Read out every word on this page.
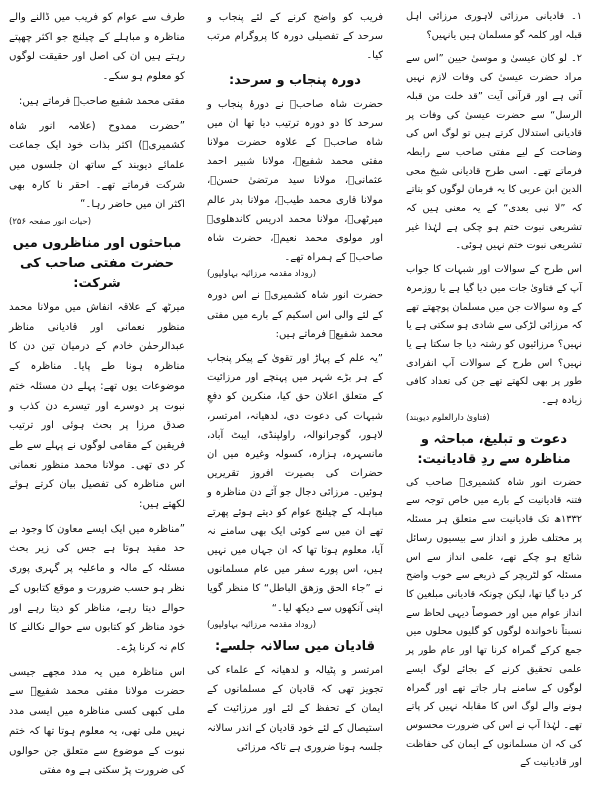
۱۔ قادیانی مرزائی لاہوری مرزائی اہل قبلہ اور کلمہ گو مسلمان ہیں یانہیں؟

۲۔ لو کان عیسیٰ و موسیٰ حیین ”اس سے مراد حضرت عیسیٰ کی وفات لازم نہیں آتی ہے اور قرآنی آیت ”قد خلت من قبلہ الرسل“ سے حضرت عیسیٰ کی وفات پر قادیانی استدلال کرتے ہیں تو لوگ اس کی وضاحت کے لیے مفتی صاحب سے رابطہ فرماتے تھے۔ اسی طرح قادیانی شیخ محی الدین ابن عربی کا یہ فرمان لوگوں کو بتاتے کہ ”لا نبی بعدی“ کے یہ معنی ہیں کہ تشریعی نبوت ختم ہو چکی ہے لہٰذا غیر تشریعی نبوت ختم نہیں ہوئی۔

اس طرح کے سوالات اور شبہات کا جواب آپ کے فتاویٰ جات میں دیا گیا ہے یا روزمرہ کے وہ سوالات جن میں مسلمان پوچھتے تھے کہ مرزائی لڑکی سے شادی ہو سکتی ہے یا نہیں؟ مرزائیوں کو رشتہ دیا جا سکتا ہے یا نہیں؟ اس طرح کے سوالات آپ انفرادی طور پر بھی لکھتے تھے جن کی تعداد کافی زیادہ ہے۔

(فتاویٰ دارالعلوم دیوبند)
دعوت و تبلیغ، مباحثہ و مناظرہ سے ردِ قادیانیت:

حضرت انور شاہ کشمیریؒ صاحب کی فتنہ قادیانیت کے بارے میں خاص توجہ سے ۱۳۳۲ھ تک قادیانیت سے متعلق ہر مسئلہ پر مختلف طرز و انداز سے بیسیوں رسائل شائع ہو چکے تھے، علمی انداز سے اس مسئلہ کو لٹریچر کے ذریعے سے خوب واضح کر دیا گیا تھا، لیکن چونکہ قادیانی مبلغین کا انداز عوام میں اور خصوصاً دیہی لحاظ سے نسبتاً ناخواندہ لوگوں کو گلیوں محلوں میں جمع کرکے گمراہ کرنا تھا اور عام طور پر علمی تحقیق کرنے کے بجائے لوگ ایسے لوگوں کے سامنے ہار جاتے تھے اور گمراہ ہونے والے لوگ اس کا مقابلہ نہیں کر پاتے تھے۔ لہٰذا آپ نے اس کی ضرورت محسوس کی کہ ان مسلمانوں کے ایمان کی حفاظت اور قادیانیت کے

فریب کو واضح کرنے کے لئے پنجاب و سرحد کے تفصیلی دورہ کا پروگرام مرتب کیا۔

دورہ پنجاب و سرحد:

حضرت شاہ صاحبؒ نے دورۂ پنجاب و سرحد کا دو دورہ ترتیب دیا تھا ان میں شاہ صاحبؒ کے علاوہ حضرت مولانا مفتی محمد شفیعؒ، مولانا شبیر احمد عثمانیؒ، مولانا سید مرتضیٰ حسنؒ، مولانا قاری محمد طیبؒ، مولانا بدر عالم میرٹھیؒ، مولانا محمد ادریس کاندھلویؒ اور مولوی محمد نعیمؒ، حضرت شاہ صاحبؒ کے ہمراہ تھے۔

(روداد مقدمہ مرزائیہ بہاولپور)

حضرت انور شاہ کشمیریؒ نے اس دورہ کے لئے والی اس اسکیم کے بارے میں مفتی محمد شفیعؒ فرماتے ہیں:

”یہ علم کے پہاڑ اور تقویٰ کے پیکر پنجاب کے ہر بڑے شہر میں پہنچے اور مرزائیت کے متعلق اعلان حق کیا، منکرین کو دفعِ شبہات کی دعوت دی، لدھیانہ، امرتسر، لاہور، گوجرانوالہ، راولپنڈی، ایبٹ آباد، مانسہرہ، ہزارہ، کسولہ وغیرہ میں ان حضرات کی بصیرت افروز تقریریں ہوئیں۔ مرزائی دجال جو آئے دن مناظرہ و مباہلہ کے چیلنج عوام کو دیتے ہوئے پھرتے تھے ان میں سے کوئی ایک بھی سامنے نہ آیا، معلوم ہوتا تھا کہ ان جہاں میں نہیں ہیں، اس پورے سفر میں عام مسلمانوں نے ”جاء الحق وزھق الباطل“ کا منظر گویا اپنی آنکھوں سے دیکھ لیا۔“

(روداد مقدمہ مرزائیہ بہاولپور)
قادیان میں سالانہ جلسے:

امرتسر و پٹیالہ و لدھیانہ کے علماء کی تجویز تھی کہ قادیان کے مسلمانوں کے ایمان کے تحفظ کے لئے اور مرزائیت کے استیصال کے لئے خود قادیان کے اندر سالانہ جلسہ ہونا ضروری ہے تاکہ مرزائی

طرف سے عوام کو فریب میں ڈالنے والے مناظرہ و مباہلے کے چیلنج جو اکثر چھپتے رہتے ہیں ان کی اصل اور حقیقت لوگوں کو معلوم ہو سکے۔

مفتی محمد شفیع صاحبؒ فرماتے ہیں:

”حضرت ممدوح (علامہ انور شاہ کشمیریؒ) اکثر بذات خود ایک جماعت علمائے دیوبند کے ساتھ ان جلسوں میں شرکت فرماتے تھے۔ احقر نا کارہ بھی اکثر ان میں حاضر رہا۔“

(حیات انور صفحہ ۲۵۶)
مباحثوں اور مناظروں میں حضرت مفتی صاحب کی شرکت:

میرٹھ کے علاقہ انفاش میں مولانا محمد منظور نعمانی اور قادیانی مناظر عبدالرحمٰن خادم کے درمیان تین دن کا مناظرہ ہونا طے پایا۔ مناظرہ کے موضوعات یوں تھے: پہلے دن مسئلہ ختم نبوت پر دوسرے اور تیسرے دن کذب و صدق مرزا پر بحث ہوئی اور ترتیب فریقین کے مقامی لوگوں نے پہلے سے طے کر دی تھی۔ مولانا محمد منظور نعمانی اس مناظرہ کی تفصیل بیان کرتے ہوئے لکھتے ہیں:

”مناظرہ میں ایک ایسے معاون کا وجود بے حد مفید ہوتا ہے جس کی زیر بحث مسئلہ کے مالہ و ماعلیہ پر گہری پوری نظر ہو حسب ضرورت و موقع کتابوں کے حوالے دیتا رہے، مناظر کو دیتا رہے اور خود مناظر کو کتابوں سے حوالے نکالنے کا کام نہ کرنا پڑے۔

اس مناظرہ میں یہ مدد مجھے جیسی حضرت مولانا مفتی محمد شفیعؒ سے ملی کبھی کسی مناظرہ میں ایسی مدد نہیں ملی تھی، یہ معلوم ہوتا تھا کہ ختم نبوت کے موضوع سے متعلق جن حوالوں کی ضرورت پڑ سکتی ہے وہ مفتی
